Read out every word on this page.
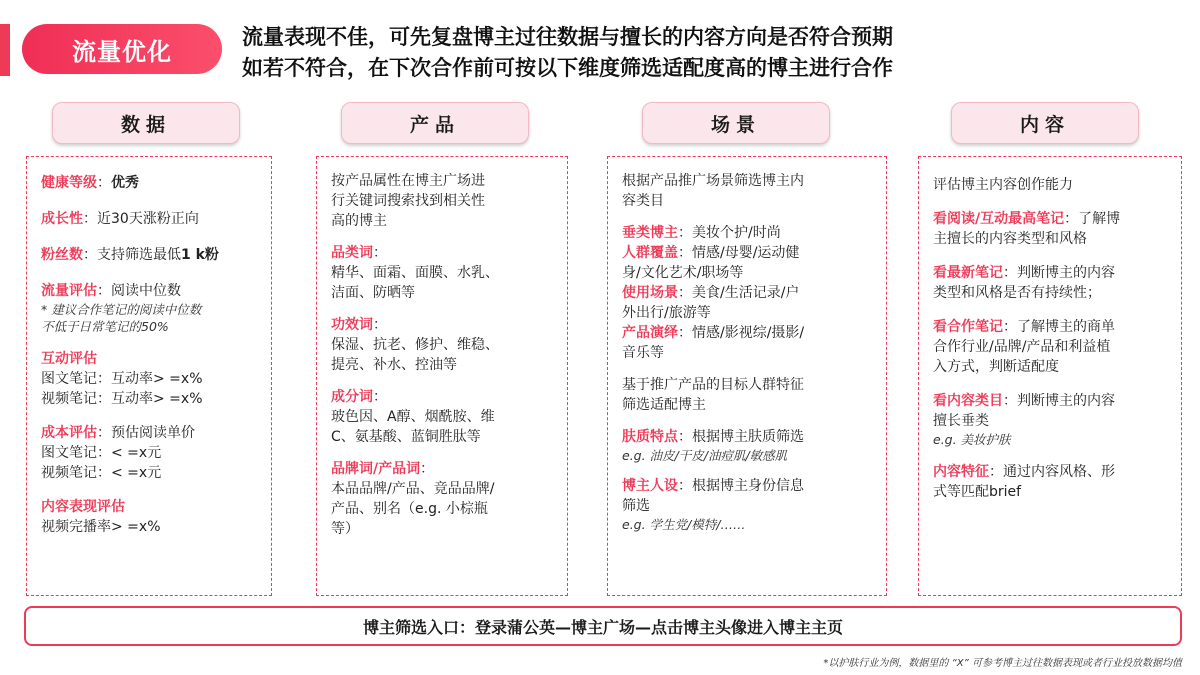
流量优化
流量表现不佳，可先复盘博主过往数据与擅长的内容方向是否符合预期
如若不符合，在下次合作前可按以下维度筛选适配度高的博主进行合作
数据	产品	场景	内容
健康等级：优秀
成长性：近30天涨粉正向
粉丝数：支持筛选最低1 k粉
流量评估：阅读中位数
* 建议合作笔记的阅读中位数
不低于日常笔记的50%
互动评估
图文笔记：互动率> =x%
视频笔记：互动率> =x%
成本评估：预估阅读单价
图文笔记：< =x元
视频笔记：< =x元
内容表现评估
视频完播率> =x%
按产品属性在博主广场进
行关键词搜索找到相关性
高的博主
品类词：
精华、面霜、面膜、水乳、
洁面、防晒等
功效词：
保湿、抗老、修护、维稳、
提亮、补水、控油等
成分词：
玻色因、A醇、烟酰胺、维
C、氨基酸、蓝铜胜肽等
品牌词/产品词：
本品品牌/产品、竞品品牌/
产品、别名（e.g. 小棕瓶
等）
根据产品推广场景筛选博主内
容类目
垂类博主：美妆个护/时尚
人群覆盖：情感/母婴/运动健
身/文化艺术/职场等
使用场景：美食/生活记录/户
外出行/旅游等
产品演绎：情感/影视综/摄影/
音乐等
基于推广产品的目标人群特征
筛选适配博主
肤质特点：根据博主肤质筛选
e.g. 油皮/干皮/油痘肌/敏感肌
博主人设：根据博主身份信息
筛选
e.g. 学生党/模特/……
评估博主内容创作能力
看阅读/互动最高笔记：了解博
主擅长的内容类型和风格
看最新笔记：判断博主的内容
类型和风格是否有持续性；
看合作笔记：了解博主的商单
合作行业/品牌/产品和利益植
入方式，判断适配度
看内容类目：判断博主的内容
擅长垂类
e.g. 美妆护肤
内容特征：通过内容风格、形
式等匹配brief
博主筛选入口：登录蒲公英—博主广场—点击博主头像进入博主主页
*以护肤行业为例，数据里的 “X” 可参考博主过往数据表现或者行业投放数据均值
